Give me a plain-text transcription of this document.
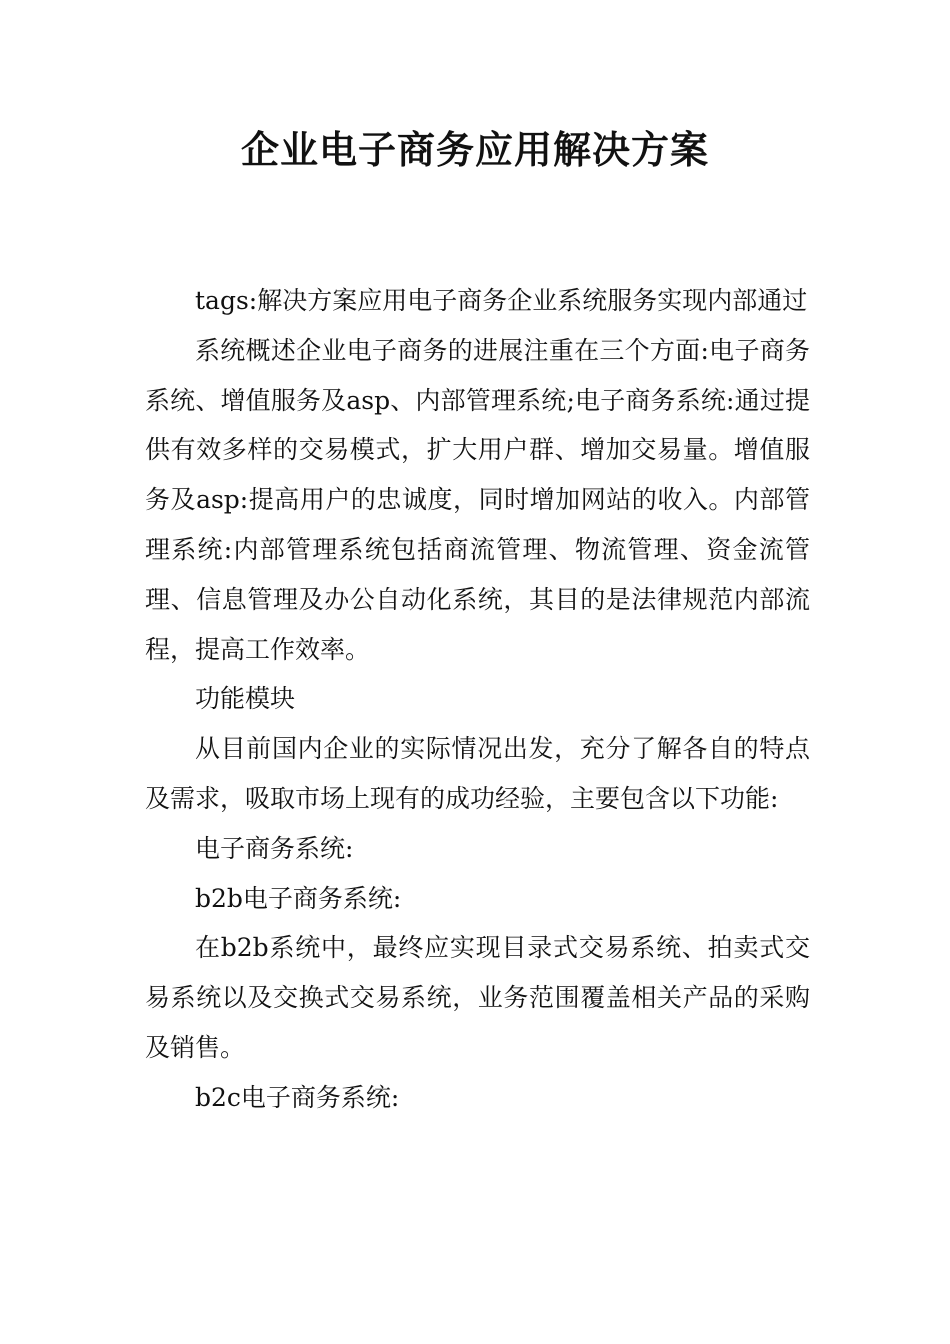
企业电子商务应用解决方案

tags:解决方案应用电子商务企业系统服务实现内部通过

系统概述企业电子商务的进展注重在三个方面:电子商务系统、增值服务及asp、内部管理系统;电子商务系统:通过提供有效多样的交易模式，扩大用户群、增加交易量。增值服务及asp:提高用户的忠诚度，同时增加网站的收入。内部管理系统:内部管理系统包括商流管理、物流管理、资金流管理、信息管理及办公自动化系统，其目的是法律规范内部流程，提高工作效率。

功能模块

从目前国内企业的实际情况出发，充分了解各自的特点及需求，吸取市场上现有的成功经验，主要包含以下功能:

电子商务系统:

b2b电子商务系统:

在b2b系统中，最终应实现目录式交易系统、拍卖式交易系统以及交换式交易系统，业务范围覆盖相关产品的采购及销售。

b2c电子商务系统:
